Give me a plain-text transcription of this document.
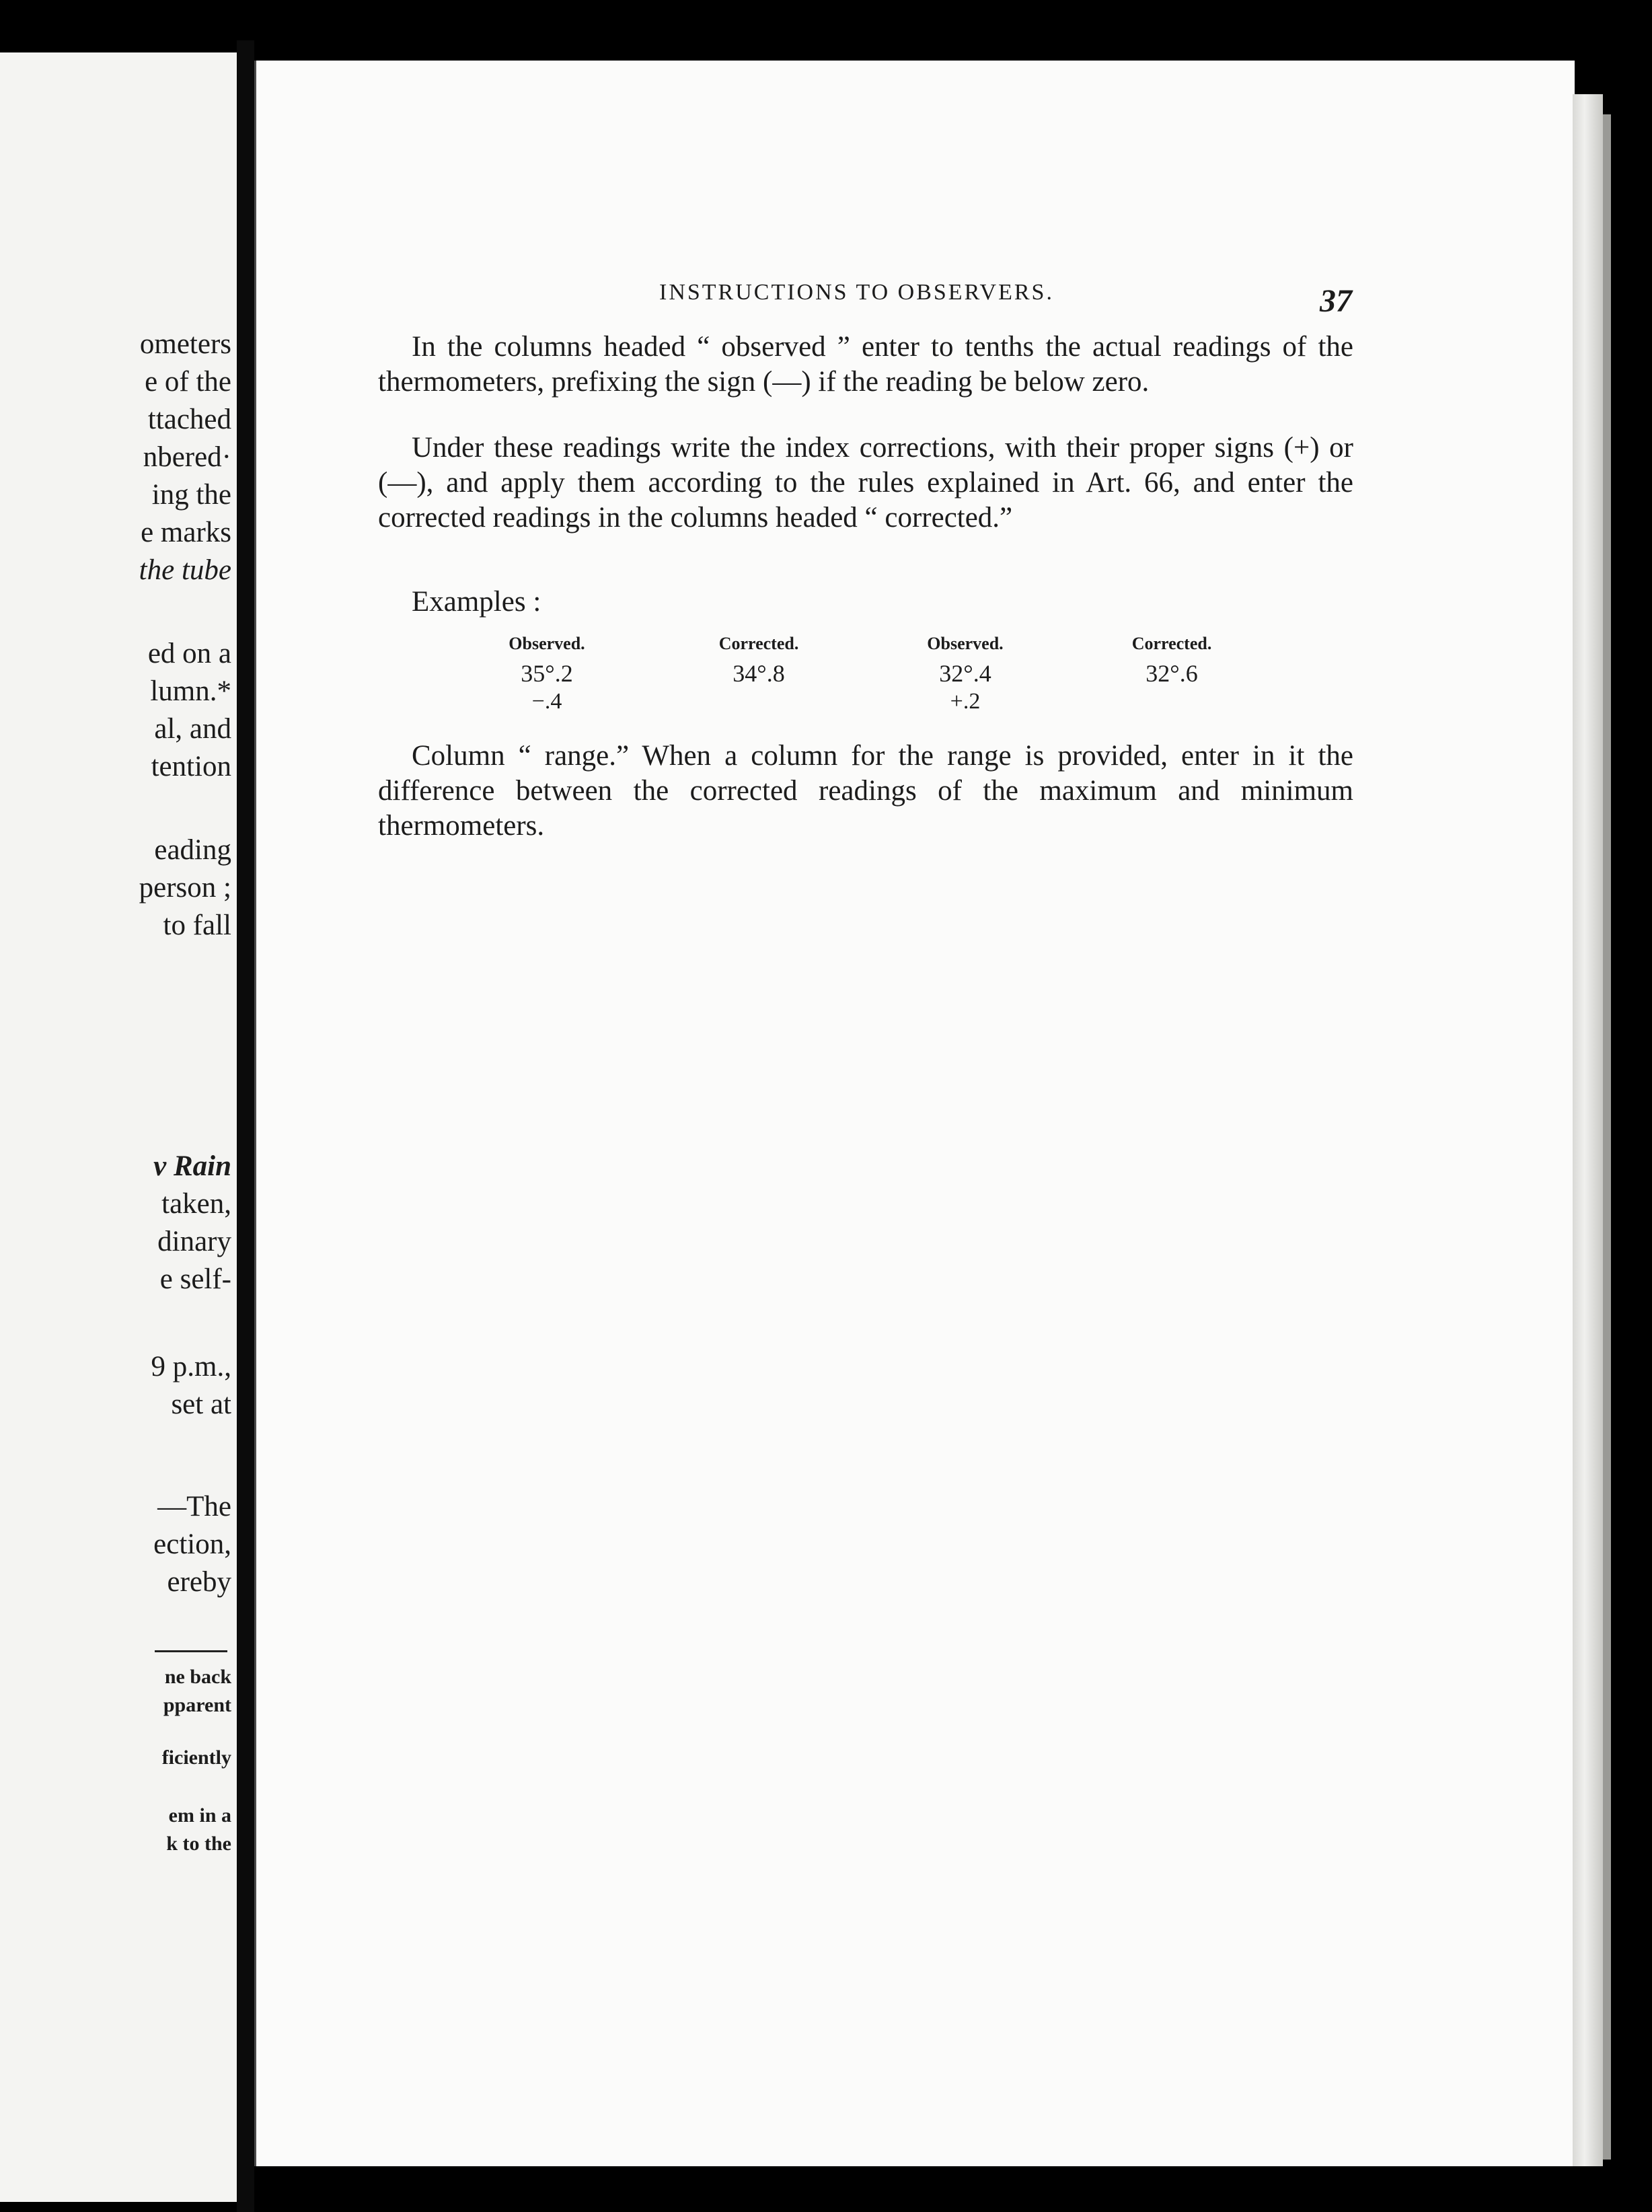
ometers
e of the
ttached
nbered·
ing the
e marks
the tube
ed on a
lumn.*
al, and
tention
eading
person ;
to fall
v Rain
taken,
dinary
e self-
9 p.m.,
set at
—The
ection,
ereby
ne back
pparent
ficiently
em in a
k to the
INSTRUCTIONS TO OBSERVERS.	37
In the columns headed “ observed ” enter to tenths the actual readings of the thermometers, prefixing the sign (—) if the reading be below zero.
Under these readings write the index corrections, with their proper signs (+) or (—), and apply them according to the rules explained in Art. 66, and enter the corrected readings in the columns headed “ corrected.”
Examples :
Observed.
35°.2
−.4
Corrected.
34°.8
Observed.
32°.4
+.2
Corrected.
32°.6
Column “ range.” When a column for the range is provided, enter in it the difference between the corrected readings of the maximum and minimum thermometers.
